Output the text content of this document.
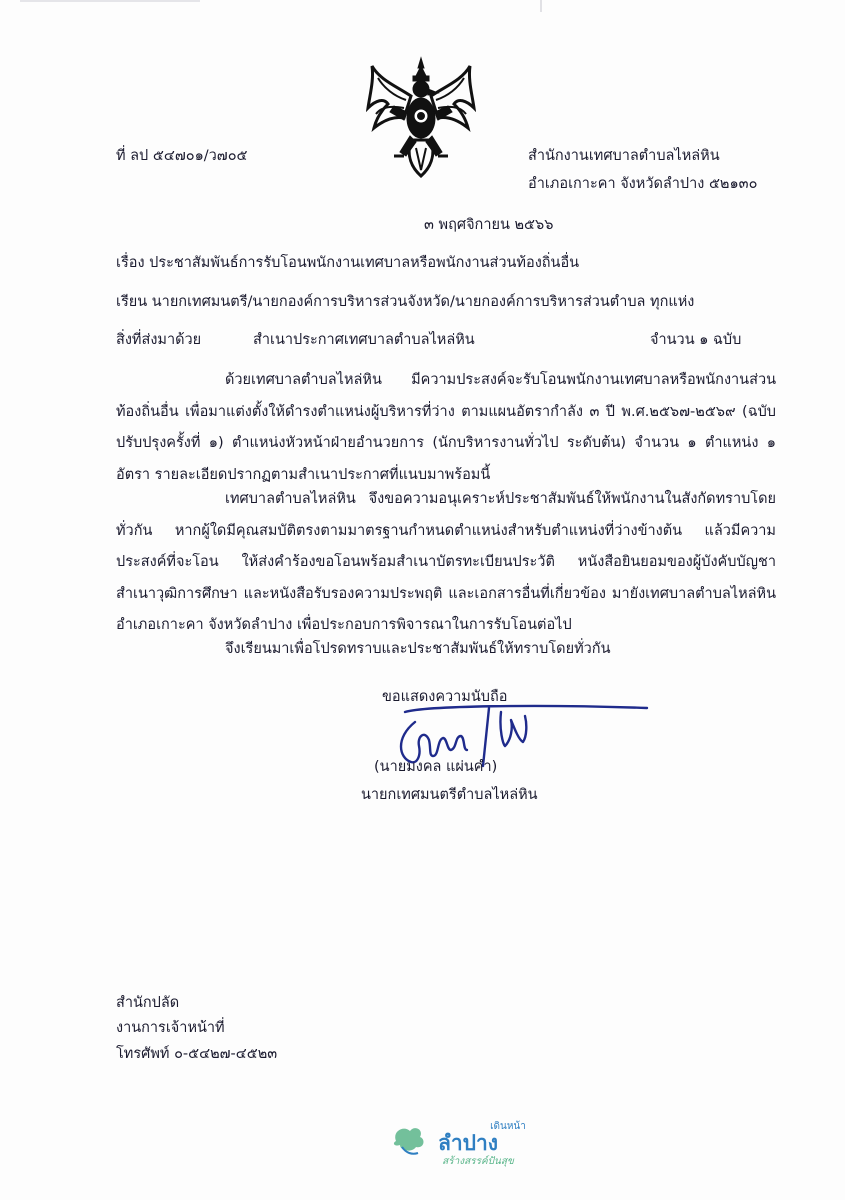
ที่ ลป ๕๔๗๐๑/ว๗๐๕	สำนักงานเทศบาลตำบลไหล่หิน
อำเภอเกาะคา จังหวัดลำปาง ๕๒๑๓๐
๓ พฤศจิกายน ๒๕๖๖
เรื่อง ประชาสัมพันธ์การรับโอนพนักงานเทศบาลหรือพนักงานส่วนท้องถิ่นอื่น
เรียน นายกเทศมนตรี/นายกองค์การบริหารส่วนจังหวัด/นายกองค์การบริหารส่วนตำบล ทุกแห่ง
สิ่งที่ส่งมาด้วย	สำเนาประกาศเทศบาลตำบลไหล่หิน	จำนวน ๑ ฉบับ
ด้วยเทศบาลตำบลไหล่หิน มีความประสงค์จะรับโอนพนักงานเทศบาลหรือพนักงานส่วนท้องถิ่นอื่น เพื่อมาแต่งตั้งให้ดำรงตำแหน่งผู้บริหารที่ว่าง ตามแผนอัตรากำลัง ๓ ปี พ.ศ.๒๕๖๗-๒๕๖๙ (ฉบับปรับปรุงครั้งที่ ๑) ตำแหน่งหัวหน้าฝ่ายอำนวยการ (นักบริหารงานทั่วไป ระดับต้น) จำนวน ๑ ตำแหน่ง ๑ อัตรา รายละเอียดปรากฏตามสำเนาประกาศที่แนบมาพร้อมนี้
เทศบาลตำบลไหล่หิน จึงขอความอนุเคราะห์ประชาสัมพันธ์ให้พนักงานในสังกัดทราบโดยทั่วกัน หากผู้ใดมีคุณสมบัติตรงตามมาตรฐานกำหนดตำแหน่งสำหรับตำแหน่งที่ว่างข้างต้น แล้วมีความประสงค์ที่จะโอน ให้ส่งคำร้องขอโอนพร้อมสำเนาบัตรทะเบียนประวัติ หนังสือยินยอมของผู้บังคับบัญชา สำเนาวุฒิการศึกษา และหนังสือรับรองความประพฤติ และเอกสารอื่นที่เกี่ยวข้อง มายังเทศบาลตำบลไหล่หิน อำเภอเกาะคา จังหวัดลำปาง เพื่อประกอบการพิจารณาในการรับโอนต่อไป
จึงเรียนมาเพื่อโปรดทราบและประชาสัมพันธ์ให้ทราบโดยทั่วกัน
ขอแสดงความนับถือ
(นายมงคล แผ่นคำ)
นายกเทศมนตรีตำบลไหล่หิน
สำนักปลัด
งานการเจ้าหน้าที่
โทรศัพท์ ๐-๕๔๒๗-๔๕๒๓
เดินหน้า
ลำปาง
สร้างสรรค์ปันสุข
